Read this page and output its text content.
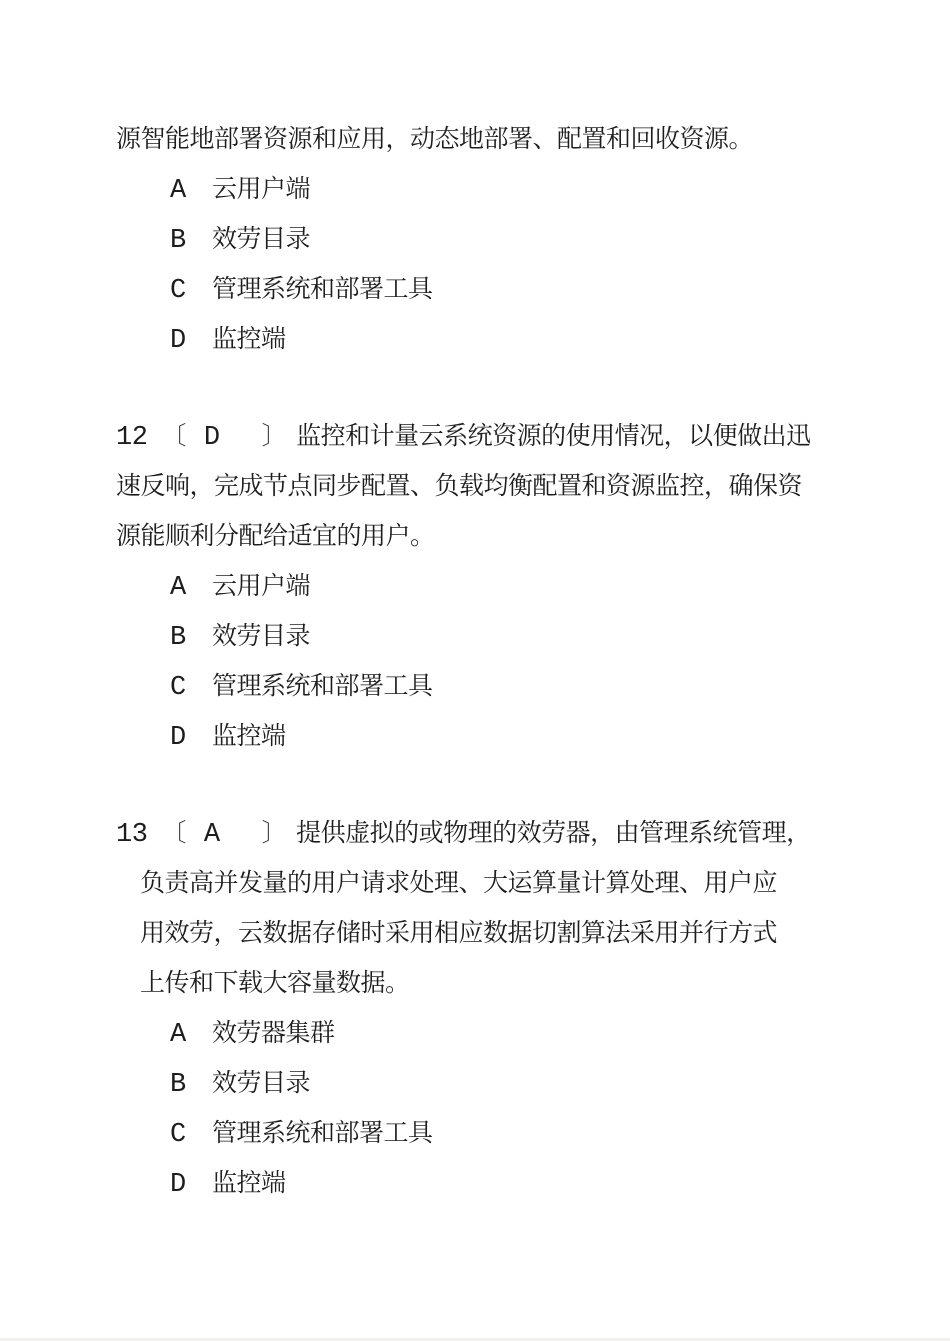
源智能地部署资源和应用，动态地部署、配置和回收资源。
A 云用户端
B 效劳目录
C 管理系统和部署工具
D 监控端
12 〔 D 〕 监控和计量云系统资源的使用情况，以便做出迅
速反响，完成节点同步配置、负载均衡配置和资源监控，确保资
源能顺利分配给适宜的用户。
A 云用户端
B 效劳目录
C 管理系统和部署工具
D 监控端
13 〔 A 〕 提供虚拟的或物理的效劳器，由管理系统管理，
负责高并发量的用户请求处理、大运算量计算处理、用户应
用效劳，云数据存储时采用相应数据切割算法采用并行方式
上传和下载大容量数据。
A 效劳器集群
B 效劳目录
C 管理系统和部署工具
D 监控端
